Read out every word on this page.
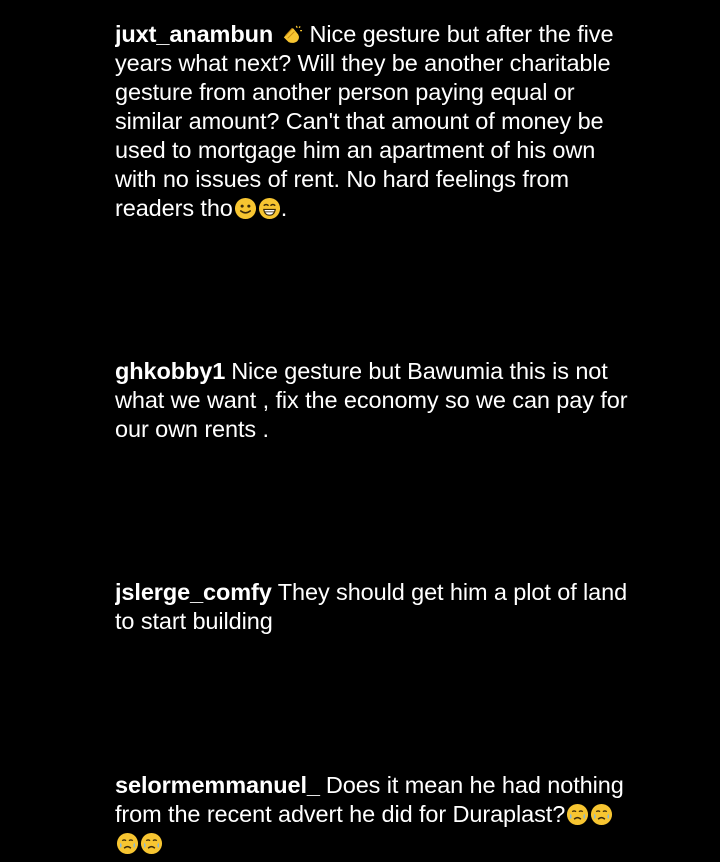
juxt_anambun Nice gesture but after the five years what next? Will they be another charitable gesture from another person paying equal or similar amount? Can't that amount of money be used to mortgage him an apartment of his own with no issues of rent. No hard feelings from readers tho .
ghkobby1 Nice gesture but Bawumia this is not what we want , fix the economy so we can pay for our own rents .
jslerge_comfy They should get him a plot of land to start building
selormemmanuel_ Does it mean he had nothing from the recent advert he did for Duraplast?
